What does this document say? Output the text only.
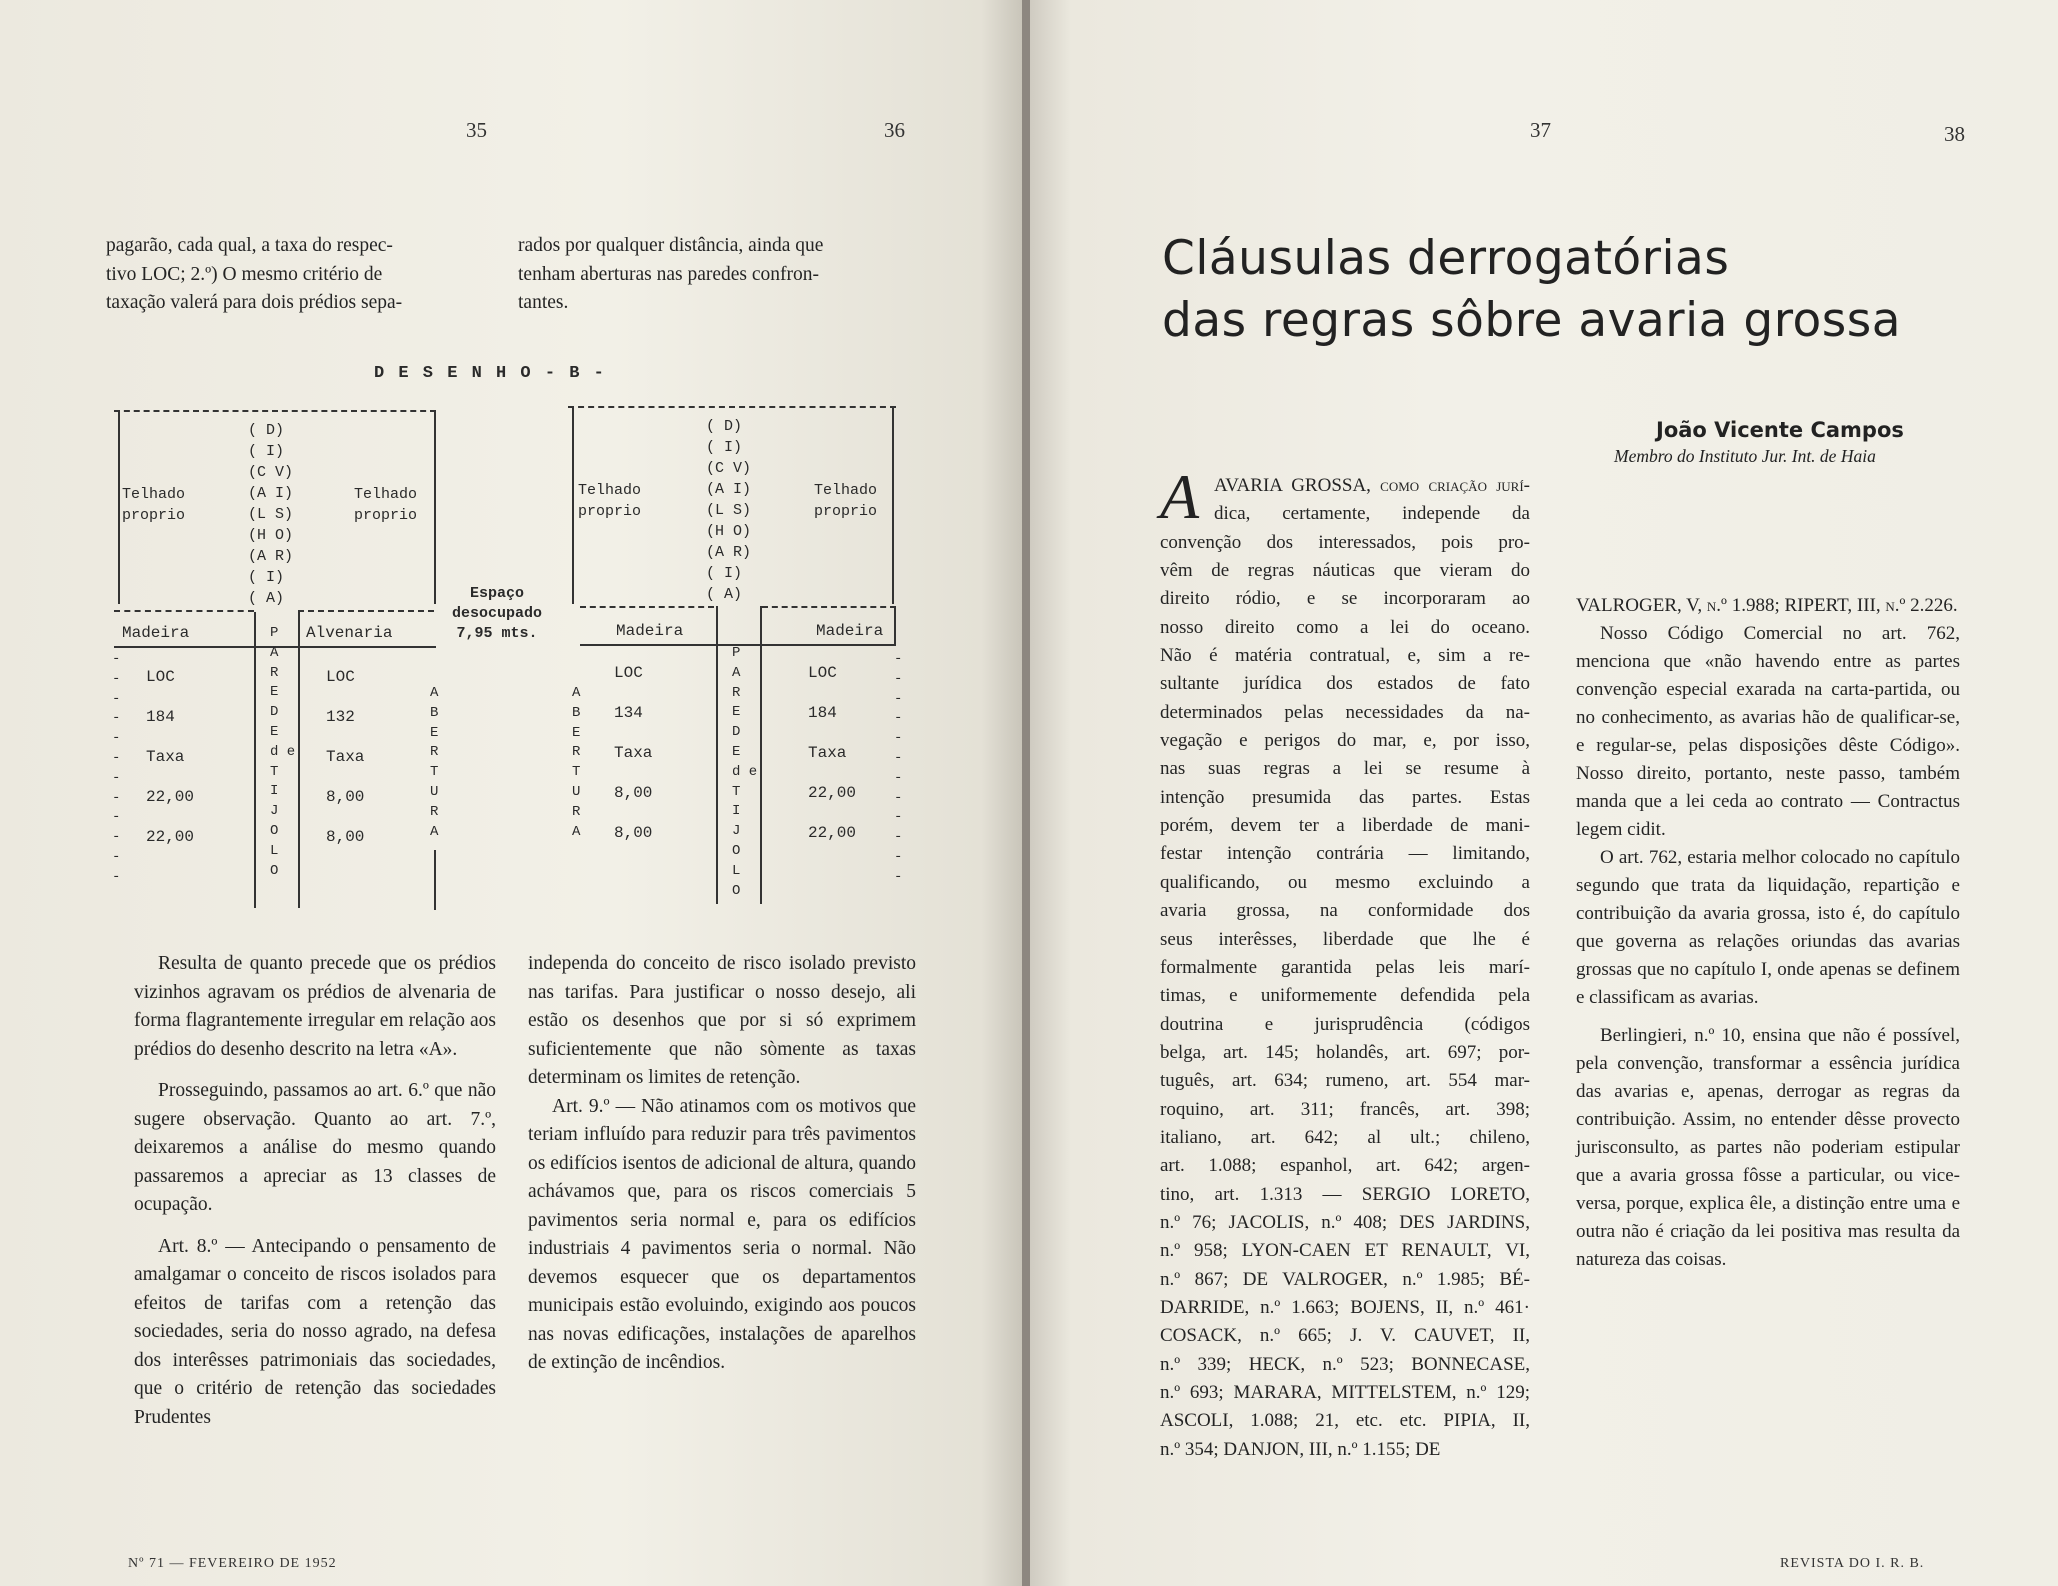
35	36
pagarão, cada qual, a taxa do respec-
tivo LOC; 2.º) O mesmo critério de
taxação valerá para dois prédios sepa-
rados por qualquer distância, ainda que
tenham aberturas nas paredes confron-
tantes.
D E S E N H O - B -
Telhado
proprio
Telhado
proprio
( D)
( I)
(C V)
(A I)
(L S)
(H O)
(A R)
( I)
( A)
Madeira	Alvenaria
P
A
R
E
D
E
d e
T
I
J
O
L
O
A
B
E
R
T
U
R
A
-
-
-
-
-
-
-
-
-
-
-
-
LOC	LOC
184	132
Taxa	Taxa
22,00	8,00
22,00	8,00
Espaço
desocupado
7,95 mts.
Telhado
proprio
Telhado
proprio
( D)
( I)
(C V)
(A I)
(L S)
(H O)
(A R)
( I)
( A)
Madeira	Madeira
P
A
R
E
D
E
d e
T
I
J
O
L
O
A
B
E
R
T
U
R
A
-
-
-
-
-
-
-
-
-
-
-
-
LOC	LOC
134	184
Taxa	Taxa
8,00	22,00
8,00	22,00

Resulta de quanto precede que os prédios vizinhos agravam os prédios de alvenaria de forma flagrantemente irregular em relação aos prédios do desenho descrito na letra «A».

Prosseguindo, passamos ao art. 6.º que não sugere observação. Quanto ao art. 7.º, deixaremos a análise do mesmo quando passaremos a apreciar as 13 classes de ocupação.

Art. 8.º — Antecipando o pensamento de amalgamar o conceito de riscos isolados para efeitos de tarifas com a retenção das sociedades, seria do nosso agrado, na defesa dos interêsses patrimoniais das sociedades, que o critério de retenção das sociedades Prudentes

independa do conceito de risco isolado previsto nas tarifas. Para justificar o nosso desejo, ali estão os desenhos que por si só exprimem suficientemente que não sòmente as taxas determinam os limites de retenção.

Art. 9.º — Não atinamos com os motivos que teriam influído para reduzir para três pavimentos os edifícios isentos de adicional de altura, quando achávamos que, para os riscos comerciais 5 pavimentos seria normal e, para os edifícios industriais 4 pavimentos seria o normal. Não devemos esquecer que os departamentos municipais estão evoluindo, exigindo aos poucos nas novas edificações, instalações de aparelhos de extinção de incêndios.

Nº 71 — FEVEREIRO DE 1952
37	38
Cláusulas derrogatórias
das regras sôbre avaria grossa
João Vicente Campos
Membro do Instituto Jur. Int. de Haia
A AVARIA GROSSA, como criação jurí-
dica, certamente, independe da
convenção dos interessados, pois pro-
vêm de regras náuticas que vieram do
direito ródio, e se incorporaram ao
nosso direito como a lei do oceano.
Não é matéria contratual, e, sim a re-
sultante jurídica dos estados de fato
determinados pelas necessidades da na-
vegação e perigos do mar, e, por isso,
nas suas regras a lei se resume à
intenção presumida das partes. Estas
porém, devem ter a liberdade de mani-
festar intenção contrária — limitando,
qualificando, ou mesmo excluindo a
avaria grossa, na conformidade dos
seus interêsses, liberdade que lhe é
formalmente garantida pelas leis marí-
timas, e uniformemente defendida pela
doutrina e jurisprudência (códigos
belga, art. 145; holandês, art. 697; por-
tuguês, art. 634; rumeno, art. 554 mar-
roquino, art. 311; francês, art. 398;
italiano, art. 642; al ult.; chileno,
art. 1.088; espanhol, art. 642; argen-
tino, art. 1.313 — SERGIO LORETO,
n.º 76; JACOLIS, n.º 408; DES JARDINS,
n.º 958; LYON-CAEN ET RENAULT, VI,
n.º 867; DE VALROGER, n.º 1.985; BÉ-
DARRIDE, n.º 1.663; BOJENS, II, n.º 461·
COSACK, n.º 665; J. V. CAUVET, II,
n.º 339; HECK, n.º 523; BONNECASE,
n.º 693; MARARA, MITTELSTEM, n.º 129;
ASCOLI, 1.088; 21, etc. etc. PIPIA, II,
n.º 354; DANJON, III, n.º 1.155; DE

VALROGER, V, n.º 1.988; RIPERT, III, n.º 2.226.

Nosso Código Comercial no art. 762, menciona que «não havendo entre as partes convenção especial exarada na carta-partida, ou no conhecimento, as avarias hão de qualificar-se, e regular-se, pelas disposições dêste Código». Nosso direito, portanto, neste passo, também manda que a lei ceda ao contrato — Contractus legem cidit.

O art. 762, estaria melhor colocado no capítulo segundo que trata da liquidação, repartição e contribuição da avaria grossa, isto é, do capítulo que governa as relações oriundas das avarias grossas que no capítulo I, onde apenas se definem e classificam as avarias.

Berlingieri, n.º 10, ensina que não é possível, pela convenção, transformar a essência jurídica das avarias e, apenas, derrogar as regras da contribuição. Assim, no entender dêsse provecto jurisconsulto, as partes não poderiam estipular que a avaria grossa fôsse a particular, ou vice-versa, porque, explica êle, a distinção entre uma e outra não é criação da lei positiva mas resulta da natureza das coisas.

REVISTA DO I. R. B.
